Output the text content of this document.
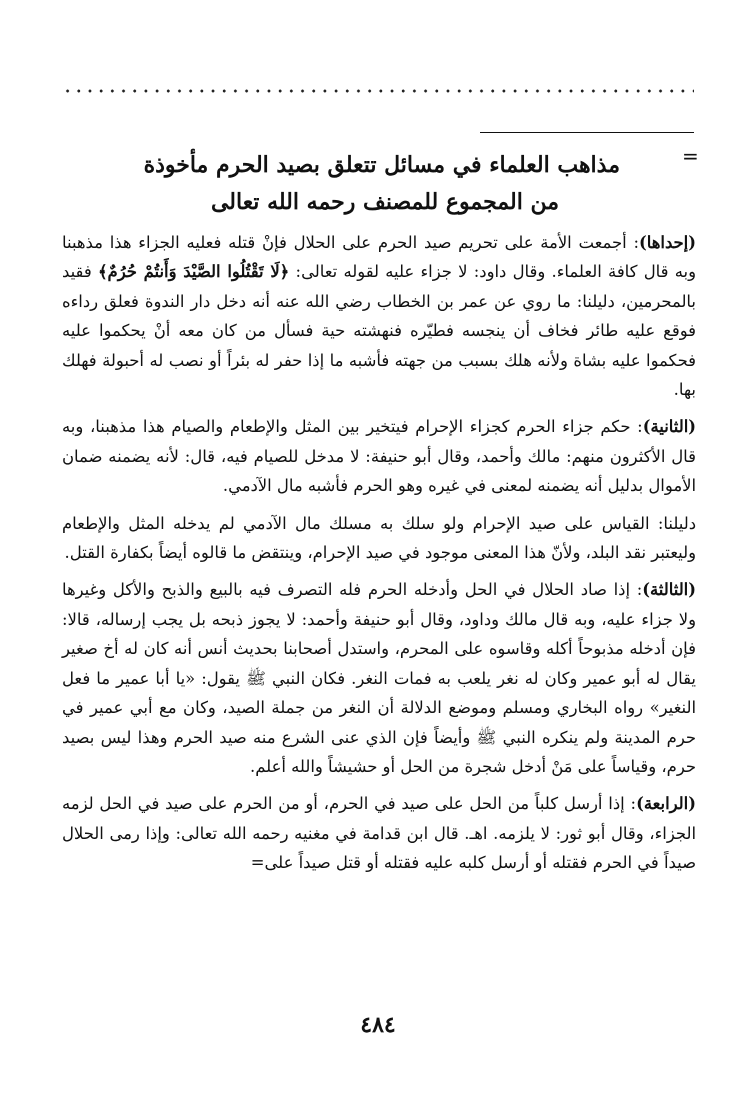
=
مذاهب العلماء في مسائل تتعلق بصيد الحرم مأخوذة
من المجموع للمصنف رحمه الله تعالى

(إحداها): أجمعت الأمة على تحريم صيد الحرم على الحلال فإنْ قتله فعليه الجزاء هذا مذهبنا وبه قال كافة العلماء. وقال داود: لا جزاء عليه لقوله تعالى: ﴿لَا تَقْتُلُوا الصَّيْدَ وَأَنتُمْ حُرُمٌ﴾ فقيد بالمحرمين، دليلنا: ما روي عن عمر بن الخطاب رضي الله عنه أنه دخل دار الندوة فعلق رداءه فوقع عليه طائر فخاف أن ينجسه فطيّره فنهشته حية فسأل من كان معه أنْ يحكموا عليه فحكموا عليه بشاة ولأنه هلك بسبب من جهته فأشبه ما إذا حفر له بئراً أو نصب له أحبولة فهلك بها.

(الثانية): حكم جزاء الحرم كجزاء الإحرام فيتخير بين المثل والإطعام والصيام هذا مذهبنا، وبه قال الأكثرون منهم: مالك وأحمد، وقال أبو حنيفة: لا مدخل للصيام فيه، قال: لأنه يضمنه ضمان الأموال بدليل أنه يضمنه لمعنى في غيره وهو الحرم فأشبه مال الآدمي.

دليلنا: القياس على صيد الإحرام ولو سلك به مسلك مال الآدمي لم يدخله المثل والإطعام وليعتبر نقد البلد، ولأنّ هذا المعنى موجود في صيد الإحرام، وينتقض ما قالوه أيضاً بكفارة القتل.

(الثالثة): إذا صاد الحلال في الحل وأدخله الحرم فله التصرف فيه بالبيع والذبح والأكل وغيرها ولا جزاء عليه، وبه قال مالك وداود، وقال أبو حنيفة وأحمد: لا يجوز ذبحه بل يجب إرساله، قالا: فإن أدخله مذبوحاً أكله وقاسوه على المحرم، واستدل أصحابنا بحديث أنس أنه كان له أخ صغير يقال له أبو عمير وكان له نغر يلعب به فمات النغر. فكان النبي ﷺ يقول: «يا أبا عمير ما فعل النغير» رواه البخاري ومسلم وموضع الدلالة أن النغر من جملة الصيد، وكان مع أبي عمير في حرم المدينة ولم ينكره النبي ﷺ وأيضاً فإن الذي عنى الشرع منه صيد الحرم وهذا ليس بصيد حرم، وقياساً على مَنْ أدخل شجرة من الحل أو حشيشاً والله أعلم.

(الرابعة): إذا أرسل كلباً من الحل على صيد في الحرم، أو من الحرم على صيد في الحل لزمه الجزاء، وقال أبو ثور: لا يلزمه. اهـ. قال ابن قدامة في مغنيه رحمه الله تعالى: وإذا رمى الحلال صيداً في الحرم فقتله أو أرسل كلبه عليه فقتله أو قتل صيداً على=

٤٨٤
